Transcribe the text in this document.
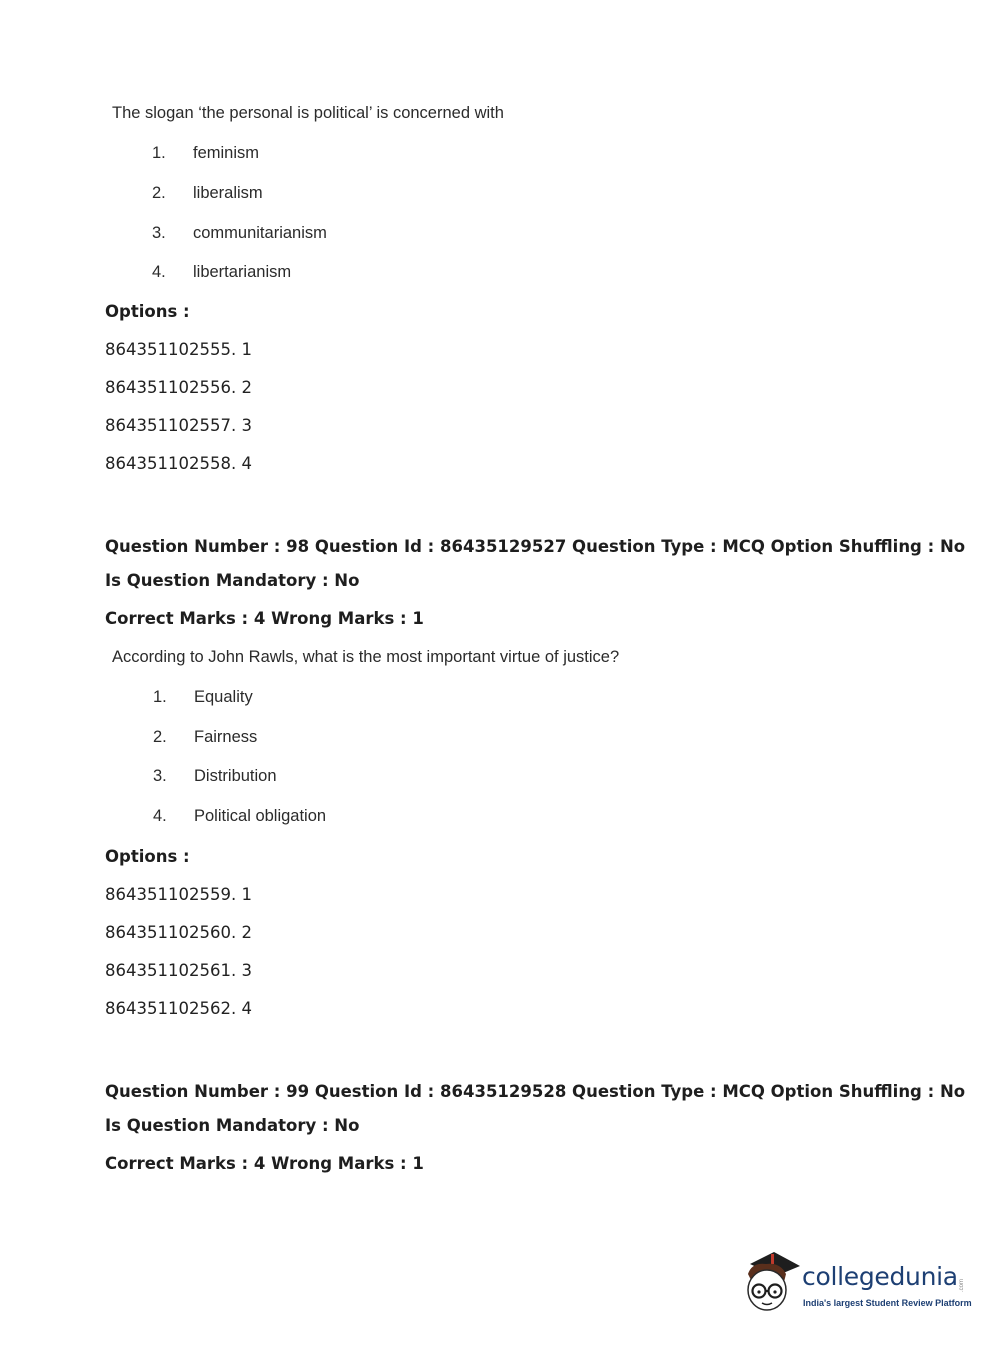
The slogan ‘the personal is political’ is concerned with
1. feminism
2. liberalism
3. communitarianism
4. libertarianism
Options :
864351102555. 1
864351102556. 2
864351102557. 3
864351102558. 4
Question Number : 98 Question Id : 86435129527 Question Type : MCQ Option Shuffling : No
Is Question Mandatory : No
Correct Marks : 4 Wrong Marks : 1
According to John Rawls, what is the most important virtue of justice?
1. Equality
2. Fairness
3. Distribution
4. Political obligation
Options :
864351102559. 1
864351102560. 2
864351102561. 3
864351102562. 4
Question Number : 99 Question Id : 86435129528 Question Type : MCQ Option Shuffling : No
Is Question Mandatory : No
Correct Marks : 4 Wrong Marks : 1
collegedunia .com
India's largest Student Review Platform
